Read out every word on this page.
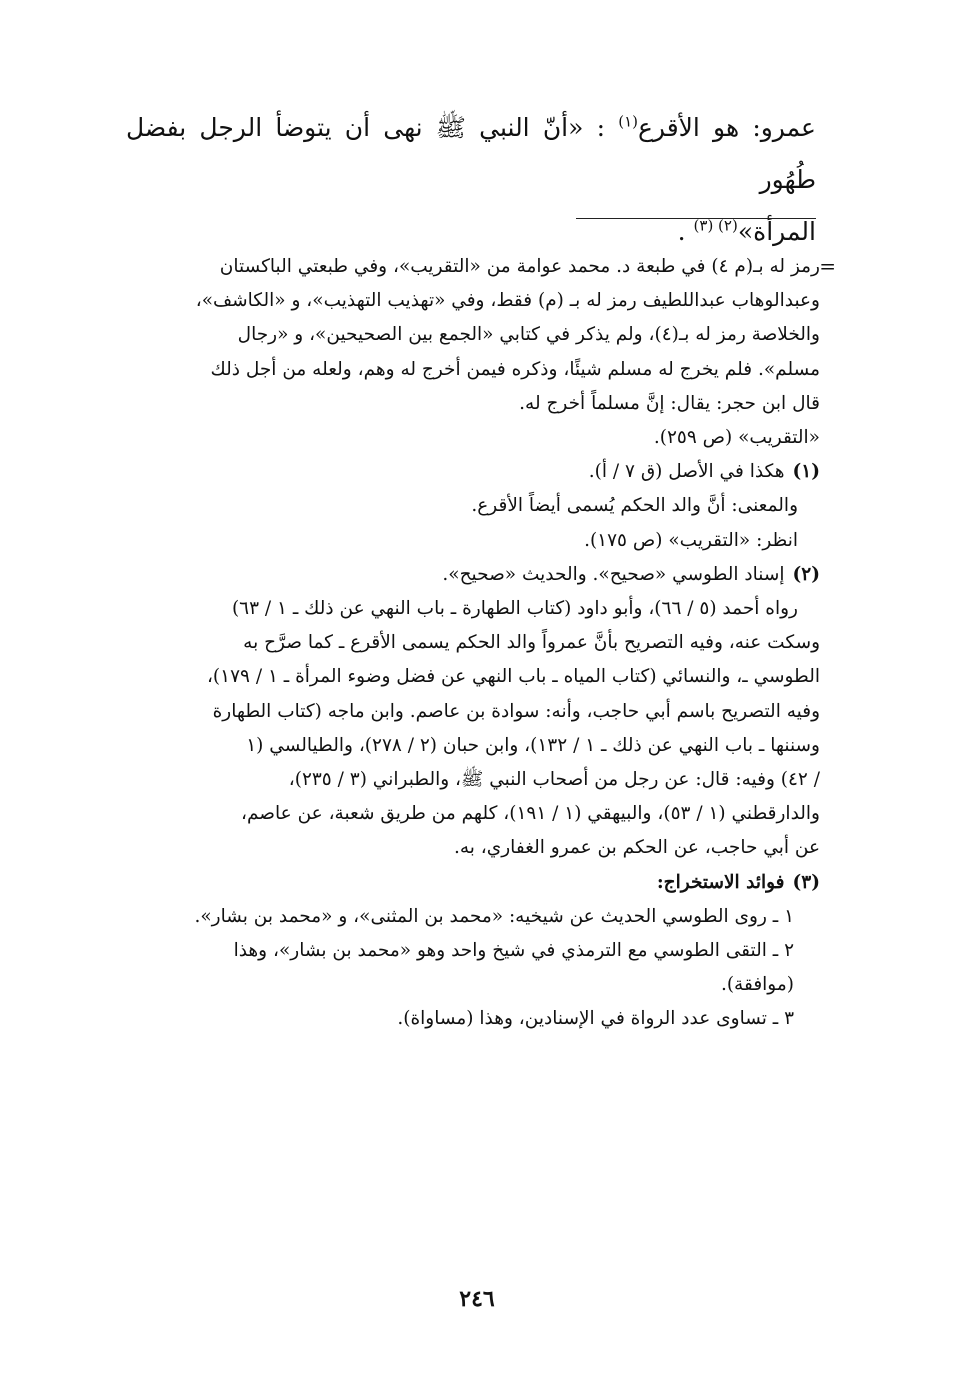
عمرو: هو الأقرع$^{(١)}$ : «أنّ النبي ﷺ نهى أن يتوضأ الرجل بفضل طُهُور

المرأة»$^{(٢) (٣)}$ .

=

رمز له بـ(م ٤) في طبعة د. محمد عوامة من «التقريب»، وفي طبعتي الباكستان

وعبدالوهاب عبداللطيف رمز له بـ (م) فقط، وفي «تهذيب التهذيب»، و «الكاشف»،

والخلاصة رمز له بـ(٤)، ولم يذكر في كتابي «الجمع بين الصحيحين»، و «رجال

مسلم». فلم يخرج له مسلم شيئًا، وذكره فيمن أخرج له وهم، ولعله من أجل ذلك

قال ابن حجر: يقال: إنَّ مسلماً أخرج له.

«التقريب» (ص ٢٥٩).

(١)هكذا في الأصل (ق ٧ / أ).

والمعنى: أنَّ والد الحكم يُسمى أيضاً الأقرع.

انظر: «التقريب» (ص ١٧٥).

(٢)إسناد الطوسي «صحيح». والحديث «صحيح».

رواه أحمد (٥ / ٦٦)، وأبو داود (كتاب الطهارة ـ باب النهي عن ذلك ـ ١ / ٦٣)

وسكت عنه، وفيه التصريح بأنَّ عمرواً والد الحكم يسمى الأقرع ـ كما صرَّح به

الطوسي ـ، والنسائي (كتاب المياه ـ باب النهي عن فضل وضوء المرأة ـ ١ / ١٧٩)،

وفيه التصريح باسم أبي حاجب، وأنه: سوادة بن عاصم. وابن ماجه (كتاب الطهارة

وسننها ـ باب النهي عن ذلك ـ ١ / ١٣٢)، وابن حبان (٢ / ٢٧٨)، والطيالسي (١

/ ٤٢) وفيه: قال: عن رجل من أصحاب النبي ﷺ، والطبراني (٣ / ٢٣٥)،

والدارقطني (١ / ٥٣)، والبيهقي (١ / ١٩١)، كلهم من طريق شعبة، عن عاصم،

عن أبي حاجب، عن الحكم بن عمرو الغفاري، به.

(٣)فوائد الاستخراج:

١ ـ روى الطوسي الحديث عن شيخيه: «محمد بن المثنى»، و «محمد بن بشار».

٢ ـ التقى الطوسي مع الترمذي في شيخ واحد وهو «محمد بن بشار»، وهذا

(موافقة).

٣ ـ تساوى عدد الرواة في الإسنادين، وهذا (مساواة).

٢٤٦
